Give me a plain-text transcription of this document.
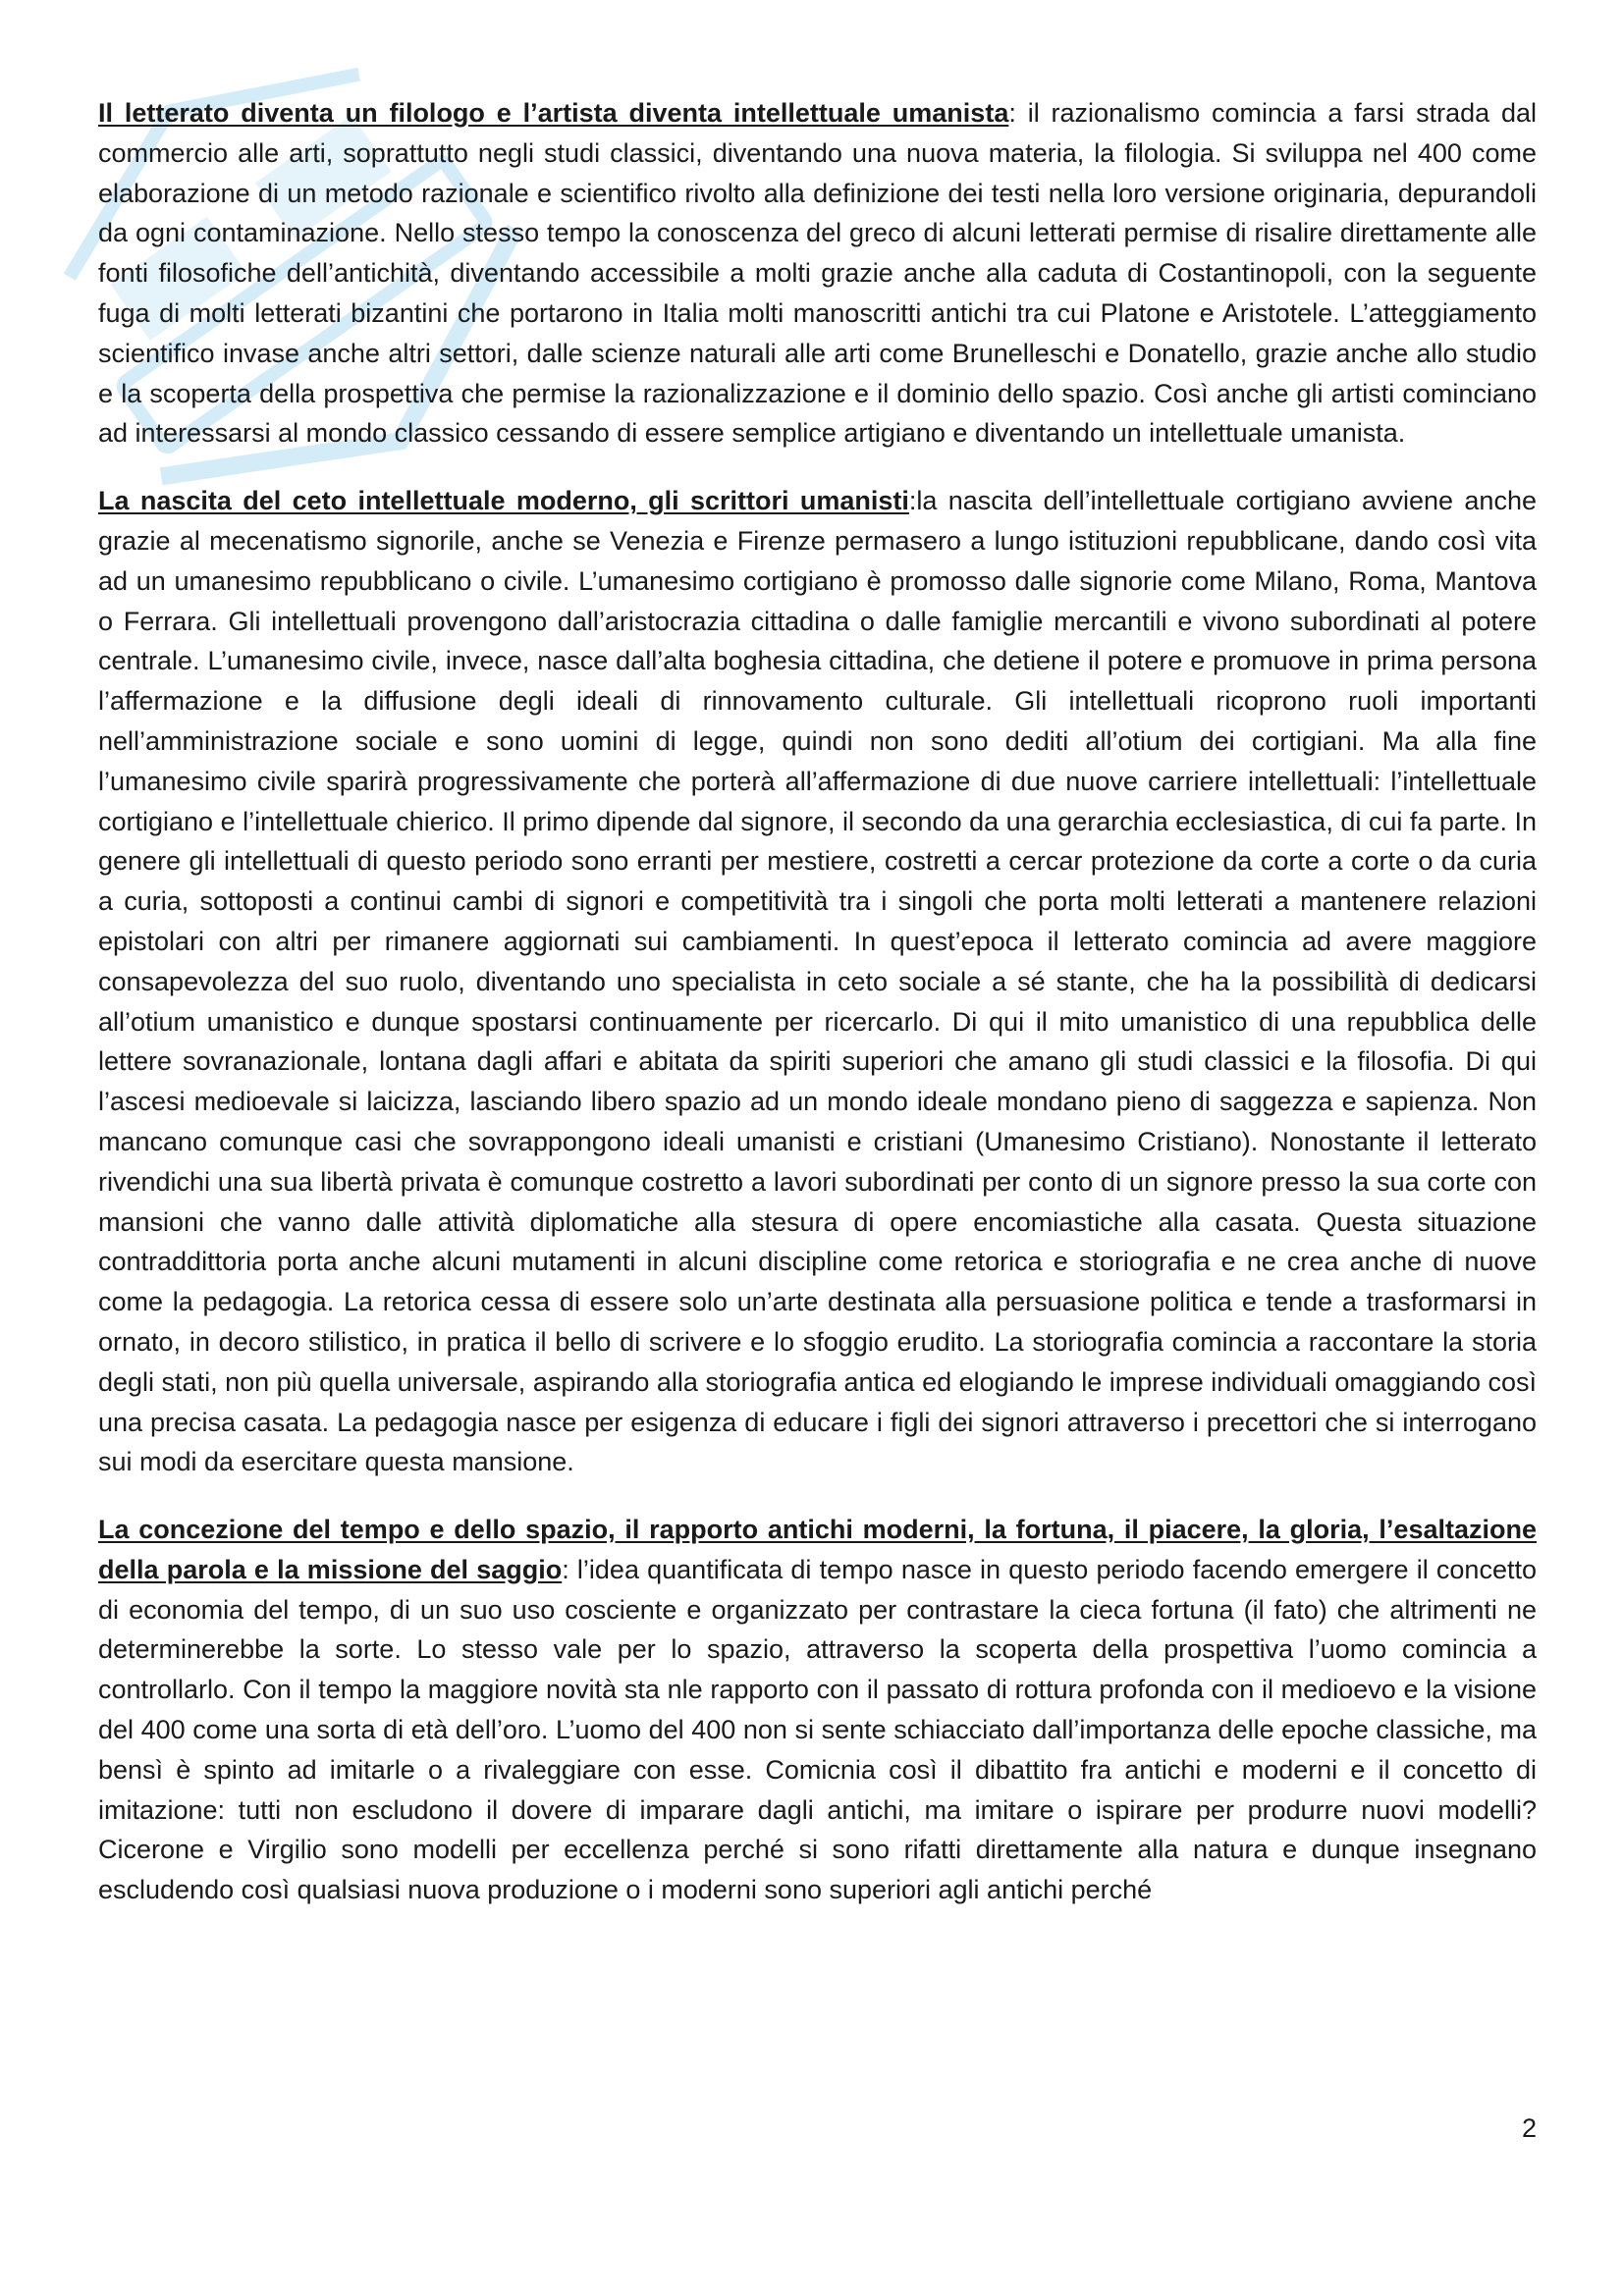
Il letterato diventa un filologo e l’artista diventa intellettuale umanista: il razionalismo comincia a farsi strada dal commercio alle arti, soprattutto negli studi classici, diventando una nuova materia, la filologia. Si sviluppa nel 400 come elaborazione di un metodo razionale e scientifico rivolto alla definizione dei testi nella loro versione originaria, depurandoli da ogni contaminazione. Nello stesso tempo la conoscenza del greco di alcuni letterati permise di risalire direttamente alle fonti filosofiche dell’antichità, diventando accessibile a molti grazie anche alla caduta di Costantinopoli, con la seguente fuga di molti letterati bizantini che portarono in Italia molti manoscritti antichi tra cui Platone e Aristotele. L’atteggiamento scientifico invase anche altri settori, dalle scienze naturali alle arti come Brunelleschi e Donatello, grazie anche allo studio e la scoperta della prospettiva che permise la razionalizzazione e il dominio dello spazio. Così anche gli artisti cominciano ad interessarsi al mondo classico cessando di essere semplice artigiano e diventando un intellettuale umanista.

La nascita del ceto intellettuale moderno, gli scrittori umanisti:la nascita dell’intellettuale cortigiano avviene anche grazie al mecenatismo signorile, anche se Venezia e Firenze permasero a lungo istituzioni repubblicane, dando così vita ad un umanesimo repubblicano o civile. L’umanesimo cortigiano è promosso dalle signorie come Milano, Roma, Mantova o Ferrara. Gli intellettuali provengono dall’aristocrazia cittadina o dalle famiglie mercantili e vivono subordinati al potere centrale. L’umanesimo civile, invece, nasce dall’alta boghesia cittadina, che detiene il potere e promuove in prima persona l’affermazione e la diffusione degli ideali di rinnovamento culturale. Gli intellettuali ricoprono ruoli importanti nell’amministrazione sociale e sono uomini di legge, quindi non sono dediti all’otium dei cortigiani. Ma alla fine l’umanesimo civile sparirà progressivamente che porterà all’affermazione di due nuove carriere intellettuali: l’intellettuale cortigiano e l’intellettuale chierico. Il primo dipende dal signore, il secondo da una gerarchia ecclesiastica, di cui fa parte. In genere gli intellettuali di questo periodo sono erranti per mestiere, costretti a cercar protezione da corte a corte o da curia a curia, sottoposti a continui cambi di signori e competitività tra i singoli che porta molti letterati a mantenere relazioni epistolari con altri per rimanere aggiornati sui cambiamenti. In quest’epoca il letterato comincia ad avere maggiore consapevolezza del suo ruolo, diventando uno specialista in ceto sociale a sé stante, che ha la possibilità di dedicarsi all’otium umanistico e dunque spostarsi continuamente per ricercarlo. Di qui il mito umanistico di una repubblica delle lettere sovranazionale, lontana dagli affari e abitata da spiriti superiori che amano gli studi classici e la filosofia. Di qui l’ascesi medioevale si laicizza, lasciando libero spazio ad un mondo ideale mondano pieno di saggezza e sapienza. Non mancano comunque casi che sovrappongono ideali umanisti e cristiani (Umanesimo Cristiano). Nonostante il letterato rivendichi una sua libertà privata è comunque costretto a lavori subordinati per conto di un signore presso la sua corte con mansioni che vanno dalle attività diplomatiche alla stesura di opere encomiastiche alla casata. Questa situazione contraddittoria porta anche alcuni mutamenti in alcuni discipline come retorica e storiografia e ne crea anche di nuove come la pedagogia. La retorica cessa di essere solo un’arte destinata alla persuasione politica e tende a trasformarsi in ornato, in decoro stilistico, in pratica il bello di scrivere e lo sfoggio erudito. La storiografia comincia a raccontare la storia degli stati, non più quella universale, aspirando alla storiografia antica ed elogiando le imprese individuali omaggiando così una precisa casata. La pedagogia nasce per esigenza di educare i figli dei signori attraverso i precettori che si interrogano sui modi da esercitare questa mansione.

La concezione del tempo e dello spazio, il rapporto antichi moderni, la fortuna, il piacere, la gloria, l’esaltazione della parola e la missione del saggio: l’idea quantificata di tempo nasce in questo periodo facendo emergere il concetto di economia del tempo, di un suo uso cosciente e organizzato per contrastare la cieca fortuna (il fato) che altrimenti ne determinerebbe la sorte. Lo stesso vale per lo spazio, attraverso la scoperta della prospettiva l’uomo comincia a controllarlo. Con il tempo la maggiore novità sta nle rapporto con il passato di rottura profonda con il medioevo e la visione del 400 come una sorta di età dell’oro. L’uomo del 400 non si sente schiacciato dall’importanza delle epoche classiche, ma bensì è spinto ad imitarle o a rivaleggiare con esse. Comicnia così il dibattito fra antichi e moderni e il concetto di imitazione: tutti non escludono il dovere di imparare dagli antichi, ma imitare o ispirare per produrre nuovi modelli? Cicerone e Virgilio sono modelli per eccellenza perché si sono rifatti direttamente alla natura e dunque insegnano escludendo così qualsiasi nuova produzione o i moderni sono superiori agli antichi perché

2
